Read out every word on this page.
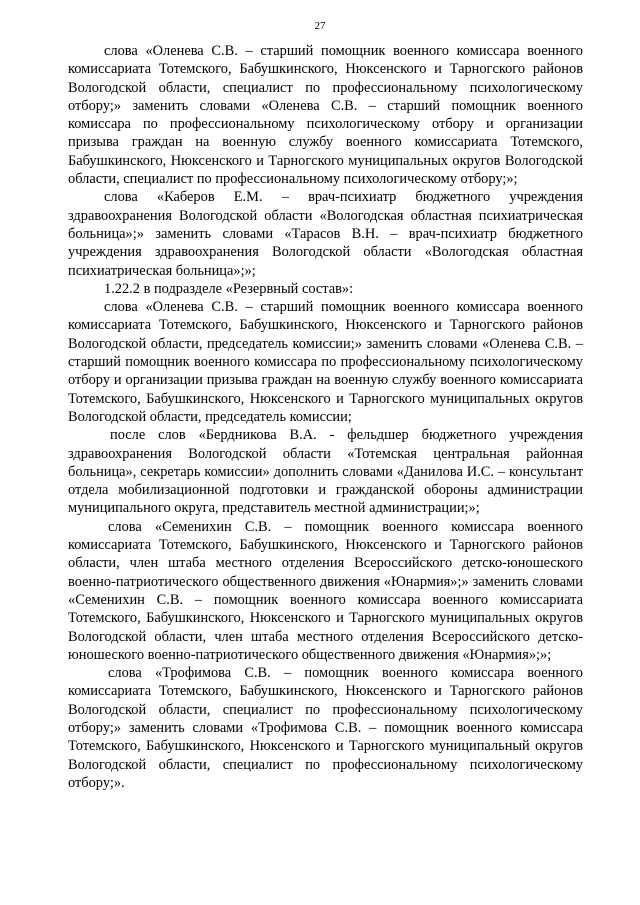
27

слова «Оленева С.В. – старший помощник военного комиссара военного комиссариата Тотемского, Бабушкинского, Нюксенского и Тарногского районов Вологодской области, специалист по профессиональному психологическому отбору;» заменить словами «Оленева С.В. – старший помощник военного комиссара по профессиональному психологическому отбору и организации призыва граждан на военную службу военного комиссариата Тотемского, Бабушкинского, Нюксенского и Тарногского муниципальных округов Вологодской области, специалист по профессиональному психологическому отбору;»;

слова «Каберов Е.М. – врач-психиатр бюджетного учреждения здравоохранения Вологодской области «Вологодская областная психиатрическая больница»;» заменить словами «Тарасов В.Н. – врач-психиатр бюджетного учреждения здравоохранения Вологодской области «Вологодская областная психиатрическая больница»;»;

1.22.2 в подразделе «Резервный состав»:

слова «Оленева С.В. – старший помощник военного комиссара военного комиссариата Тотемского, Бабушкинского, Нюксенского и Тарногского районов Вологодской области, председатель комиссии;» заменить словами «Оленева С.В. – старший помощник военного комиссара по профессиональному психологическому отбору и организации призыва граждан на военную службу военного комиссариата Тотемского, Бабушкинского, Нюксенского и Тарногского муниципальных округов Вологодской области, председатель комиссии;

после слов «Бердникова В.А. - фельдшер бюджетного учреждения здравоохранения Вологодской области «Тотемская центральная районная больница», секретарь комиссии» дополнить словами «Данилова И.С. – консультант отдела мобилизационной подготовки и гражданской обороны администрации муниципального округа, представитель местной администрации;»;

слова «Семенихин С.В. – помощник военного комиссара военного комиссариата Тотемского, Бабушкинского, Нюксенского и Тарногского районов области, член штаба местного отделения Всероссийского детско-юношеского военно-патриотического общественного движения «Юнармия»;» заменить словами «Семенихин С.В. – помощник военного комиссара военного комиссариата Тотемского, Бабушкинского, Нюксенского и Тарногского муниципальных округов Вологодской области, член штаба местного отделения Всероссийского детско-юношеского военно-патриотического общественного движения «Юнармия»;»;

слова «Трофимова С.В. – помощник военного комиссара военного комиссариата Тотемского, Бабушкинского, Нюксенского и Тарногского районов Вологодской области, специалист по профессиональному психологическому отбору;» заменить словами «Трофимова С.В. – помощник военного комиссара Тотемского, Бабушкинского, Нюксенского и Тарногского муниципальный округов Вологодской области, специалист по профессиональному психологическому отбору;».
